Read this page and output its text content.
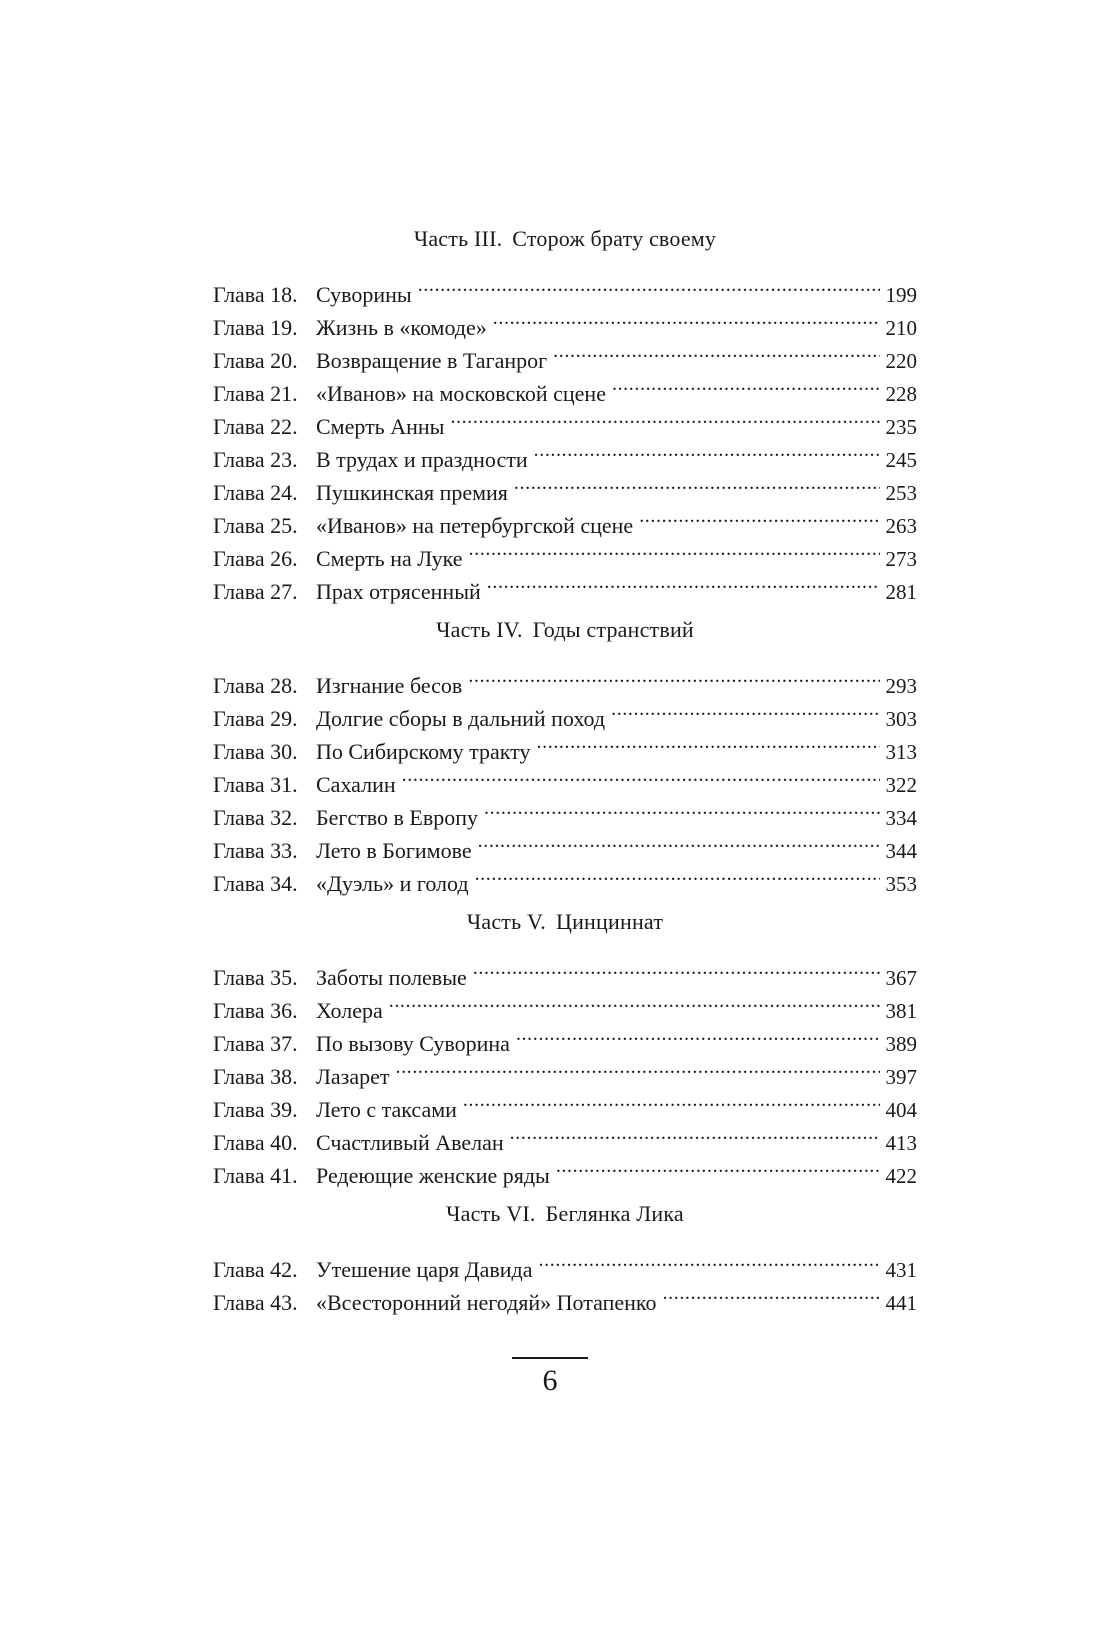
Часть III. Сторож брату своему
Глава 18. Суворины . . .	199
Глава 19. Жизнь в «комоде» . . .	210
Глава 20. Возвращение в Таганрог . . .	220
Глава 21. «Иванов» на московской сцене . . .	228
Глава 22. Смерть Анны . . .	235
Глава 23. В трудах и праздности . . .	245
Глава 24. Пушкинская премия . . .	253
Глава 25. «Иванов» на петербургской сцене . . .	263
Глава 26. Смерть на Луке . . .	273
Глава 27. Прах отрясенный . . .	281
Часть IV. Годы странствий
Глава 28. Изгнание бесов . . .	293
Глава 29. Долгие сборы в дальний поход . . .	303
Глава 30. По Сибирскому тракту . . .	313
Глава 31. Сахалин . . .	322
Глава 32. Бегство в Европу . . .	334
Глава 33. Лето в Богимове . . .	344
Глава 34. «Дуэль» и голод . . .	353
Часть V. Цинциннат
Глава 35. Заботы полевые . . .	367
Глава 36. Холера . . .	381
Глава 37. По вызову Суворина . . .	389
Глава 38. Лазарет . . .	397
Глава 39. Лето с таксами . . .	404
Глава 40. Счастливый Авелан . . .	413
Глава 41. Редеющие женские ряды . . .	422
Часть VI. Беглянка Лика
Глава 42. Утешение царя Давида . . .	431
Глава 43. «Всесторонний негодяй» Потапенко . . .	441
6
